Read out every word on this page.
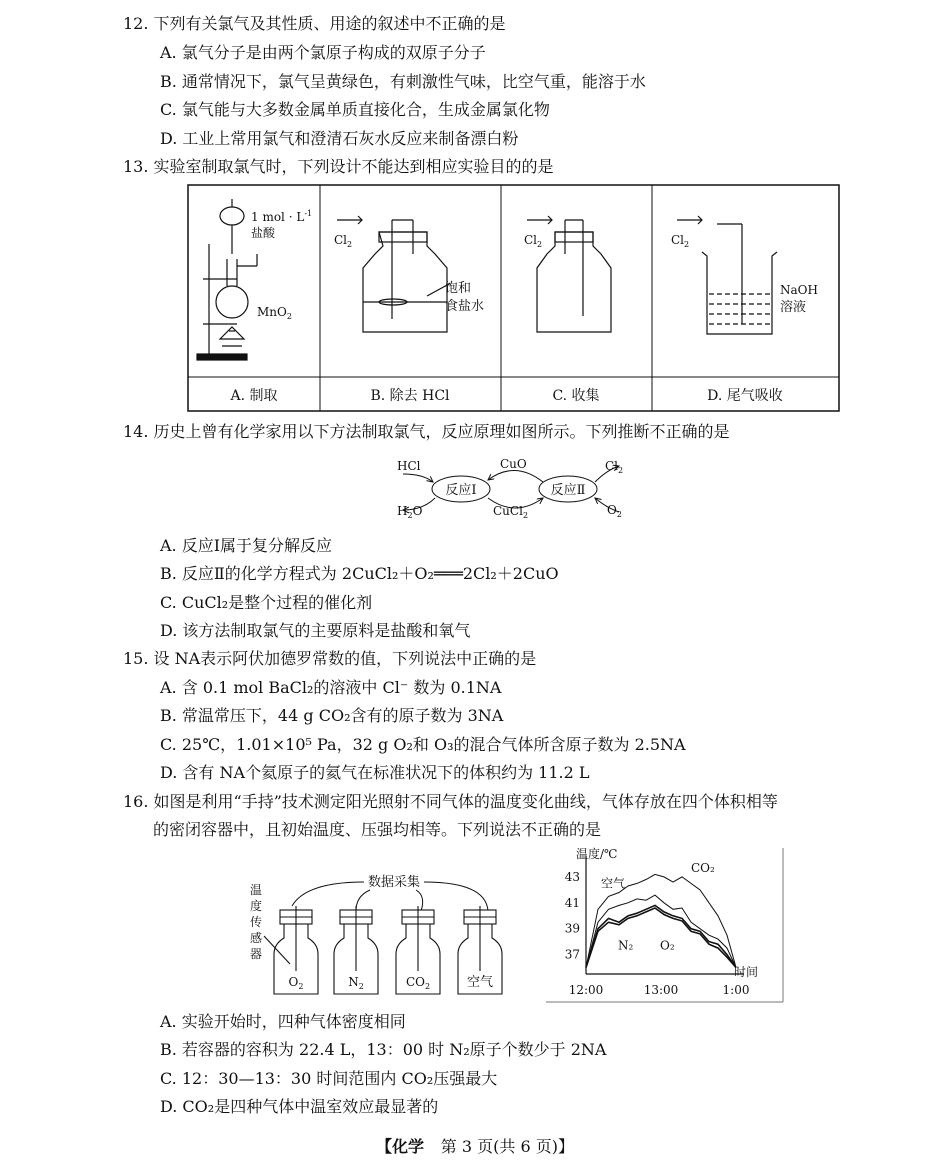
12. 下列有关氯气及其性质、用途的叙述中不正确的是
A. 氯气分子是由两个氯原子构成的双原子分子
B. 通常情况下，氯气呈黄绿色，有刺激性气味，比空气重，能溶于水
C. 氯气能与大多数金属单质直接化合，生成金属氯化物
D. 工业上常用氯气和澄清石灰水反应来制备漂白粉
13. 实验室制取氯气时，下列设计不能达到相应实验目的的是
1 mol · $L^{-1}$
盐酸
MnO$_2$
$Cl_2$
饱和
食盐水
$Cl_2$	$Cl_2$
NaOH
溶液
A. 制取	B. 除去 HCl	C. 收集	D. 尾气吸收
14. 历史上曾有化学家用以下方法制取氯气，反应原理如图所示。下列推断不正确的是
HCl
$H_2O$
CuO
CuCl$_2$
反应Ⅰ	反应Ⅱ
$Cl_2$
$O_2$
A. 反应Ⅰ属于复分解反应
B. 反应Ⅱ的化学方程式为 2CuCl₂＋O₂═══2Cl₂＋2CuO
C. CuCl₂是整个过程的催化剂
D. 该方法制取氯气的主要原料是盐酸和氧气
15. 设 NA表示阿伏加德罗常数的值，下列说法中正确的是
A. 含 0.1 mol BaCl₂的溶液中 Cl⁻ 数为 0.1NA
B. 常温常压下，44 g CO₂含有的原子数为 3NA
C. 25℃，1.01×10⁵ Pa，32 g O₂和 O₃的混合气体所含原子数为 2.5NA
D. 含有 NA个氦原子的氦气在标准状况下的体积约为 11.2 L
16. 如图是利用“手持”技术测定阳光照射不同气体的温度变化曲线，气体存放在四个体积相等
的密闭容器中，且初始温度、压强均相等。下列说法不正确的是
数据采集
温
度
传
感
器
$O_2$	$N_2$	$CO_2$	空气
温度/℃
时间
37
39
41
43
12:00	13:00	1:00
CO₂
空气
N₂ O₂
A. 实验开始时，四种气体密度相同
B. 若容器的容积为 22.4 L，13：00 时 N₂原子个数少于 2NA
C. 12：30—13：30 时间范围内 CO₂压强最大
D. CO₂是四种气体中温室效应最显著的
【化学 第 3 页(共 6 页)】
